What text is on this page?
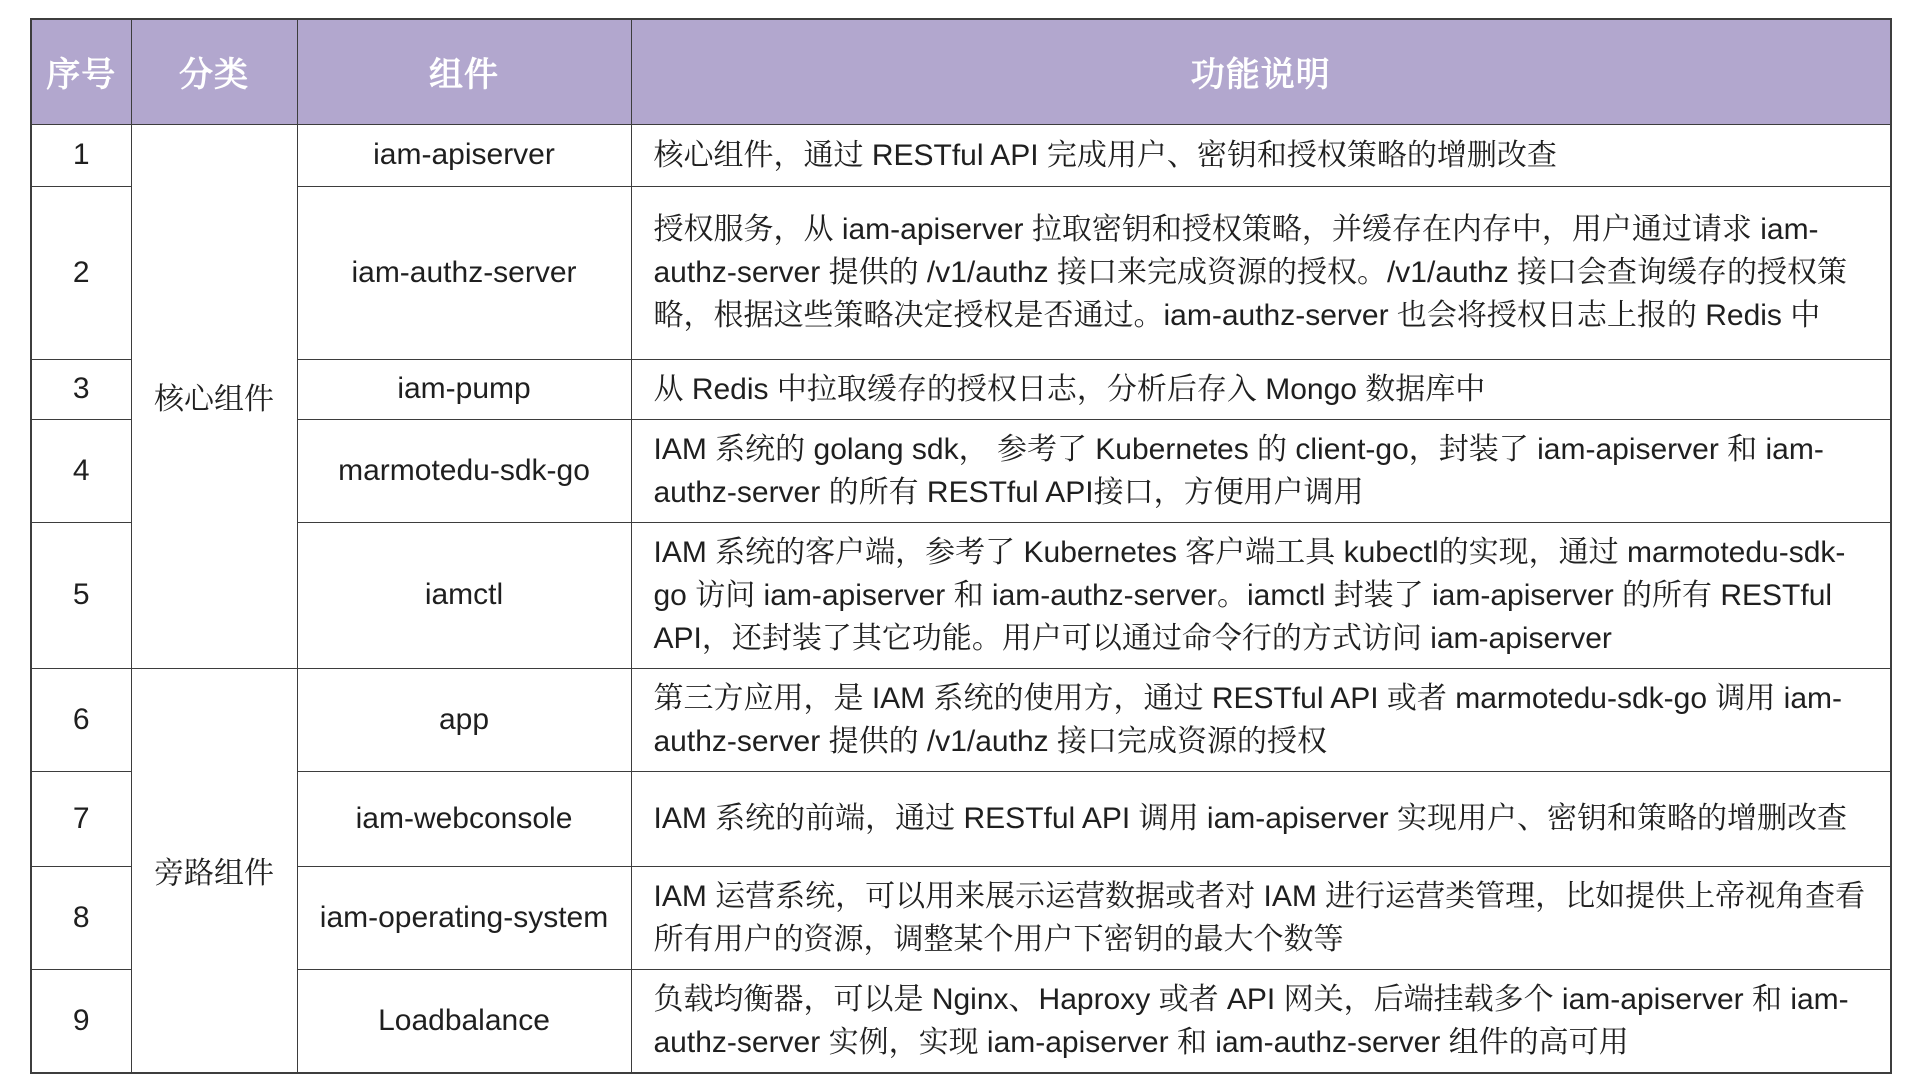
序号	分类	组件	功能说明
1	核心组件	iam-apiserver	核心组件，通过 RESTful API 完成用户、密钥和授权策略的增删改查
2		iam-authz-server	授权服务，从 iam-apiserver 拉取密钥和授权策略，并缓存在内存中，用户通过请求 iam-authz-server 提供的 /v1/authz 接口来完成资源的授权。/v1/authz 接口会查询缓存的授权策略，根据这些策略决定授权是否通过。iam-authz-server 也会将授权日志上报的 Redis 中
3		iam-pump	从 Redis 中拉取缓存的授权日志，分析后存入 Mongo 数据库中
4		marmotedu-sdk-go	IAM 系统的 golang sdk， 参考了 Kubernetes 的 client-go，封装了 iam-apiserver 和 iam-authz-server 的所有 RESTful API接口，方便用户调用
5		iamctl	IAM 系统的客户端，参考了 Kubernetes 客户端工具 kubectl的实现，通过 marmotedu-sdk-go 访问 iam-apiserver 和 iam-authz-server。iamctl 封装了 iam-apiserver 的所有 RESTful API，还封装了其它功能。用户可以通过命令行的方式访问 iam-apiserver
6	旁路组件	app	第三方应用，是 IAM 系统的使用方，通过 RESTful API 或者 marmotedu-sdk-go 调用 iam-authz-server 提供的 /v1/authz 接口完成资源的授权
7		iam-webconsole	IAM 系统的前端，通过 RESTful API 调用 iam-apiserver 实现用户、密钥和策略的增删改查
8		iam-operating-system	IAM 运营系统，可以用来展示运营数据或者对 IAM 进行运营类管理，比如提供上帝视角查看所有用户的资源，调整某个用户下密钥的最大个数等
9		Loadbalance	负载均衡器，可以是 Nginx、Haproxy 或者 API 网关，后端挂载多个 iam-apiserver 和 iam-authz-server 实例，实现 iam-apiserver 和 iam-authz-server 组件的高可用
